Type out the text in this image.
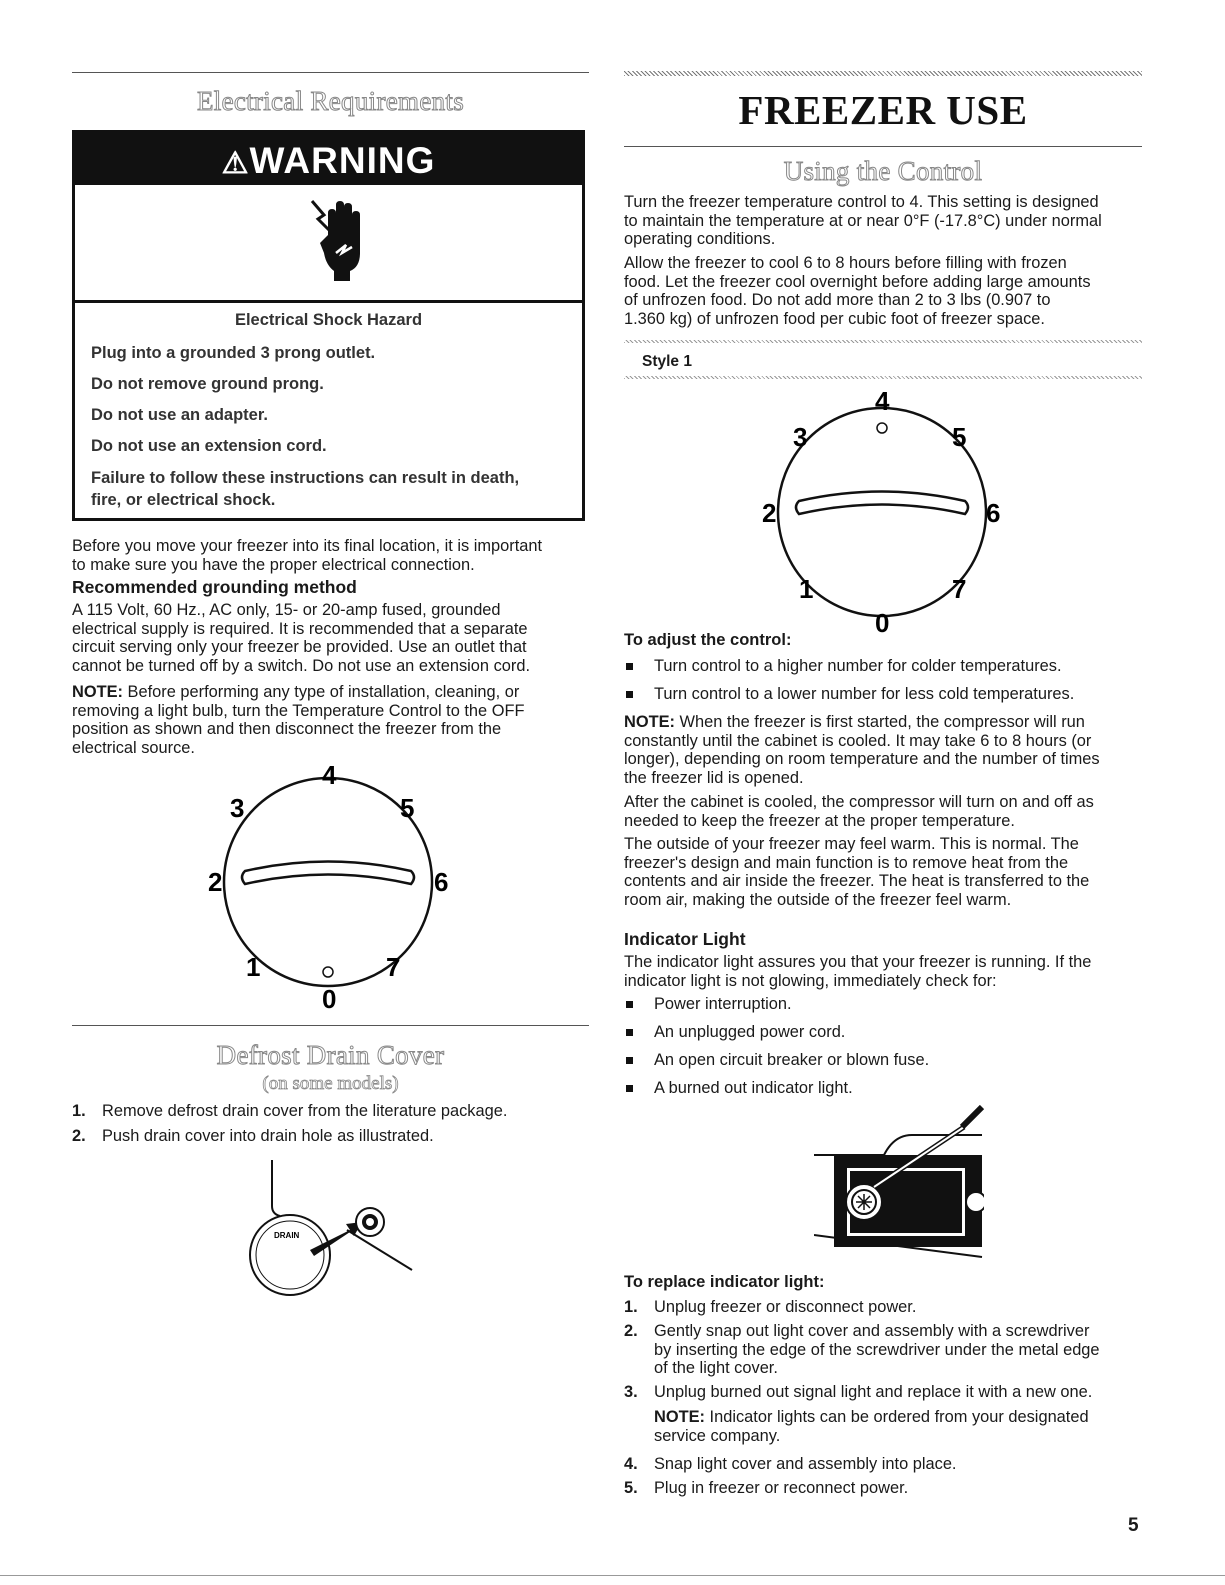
Electrical Requirements
⚠WARNING
Electrical Shock Hazard
Plug into a grounded 3 prong outlet.
Do not remove ground prong.
Do not use an adapter.
Do not use an extension cord.
Failure to follow these instructions can result in death,
fire, or electrical shock.
Before you move your freezer into its final location, it is important
to make sure you have the proper electrical connection.
Recommended grounding method
A 115 Volt, 60 Hz., AC only, 15- or 20-amp fused, grounded
electrical supply is required. It is recommended that a separate
circuit serving only your freezer be provided. Use an outlet that
cannot be turned off by a switch. Do not use an extension cord.
NOTE: Before performing any type of installation, cleaning, or
removing a light bulb, turn the Temperature Control to the OFF
position as shown and then disconnect the freezer from the
electrical source.
4
3	5
2	6
1	7
0
Defrost Drain Cover
(on some models)
1. Remove defrost drain cover from the literature package.
2. Push drain cover into drain hole as illustrated.
DRAIN
FREEZER USE
Using the Control
Turn the freezer temperature control to 4. This setting is designed
to maintain the temperature at or near 0°F (-17.8°C) under normal
operating conditions.
Allow the freezer to cool 6 to 8 hours before filling with frozen
food. Let the freezer cool overnight before adding large amounts
of unfrozen food. Do not add more than 2 to 3 lbs (0.907 to
1.360 kg) of unfrozen food per cubic foot of freezer space.
Style 1
4
3	5
2	6
1	7
0
To adjust the control:
Turn control to a higher number for colder temperatures.
Turn control to a lower number for less cold temperatures.
NOTE: When the freezer is first started, the compressor will run
constantly until the cabinet is cooled. It may take 6 to 8 hours (or
longer), depending on room temperature and the number of times
the freezer lid is opened.
After the cabinet is cooled, the compressor will turn on and off as
needed to keep the freezer at the proper temperature.
The outside of your freezer may feel warm. This is normal. The
freezer's design and main function is to remove heat from the
contents and air inside the freezer. The heat is transferred to the
room air, making the outside of the freezer feel warm.
Indicator Light
The indicator light assures you that your freezer is running. If the
indicator light is not glowing, immediately check for:
Power interruption.
An unplugged power cord.
An open circuit breaker or blown fuse.
A burned out indicator light.
To replace indicator light:
1. Unplug freezer or disconnect power.
2. Gently snap out light cover and assembly with a screwdriver
by inserting the edge of the screwdriver under the metal edge
of the light cover.
3. Unplug burned out signal light and replace it with a new one.
NOTE: Indicator lights can be ordered from your designated
service company.
4. Snap light cover and assembly into place.
5. Plug in freezer or reconnect power.
5
